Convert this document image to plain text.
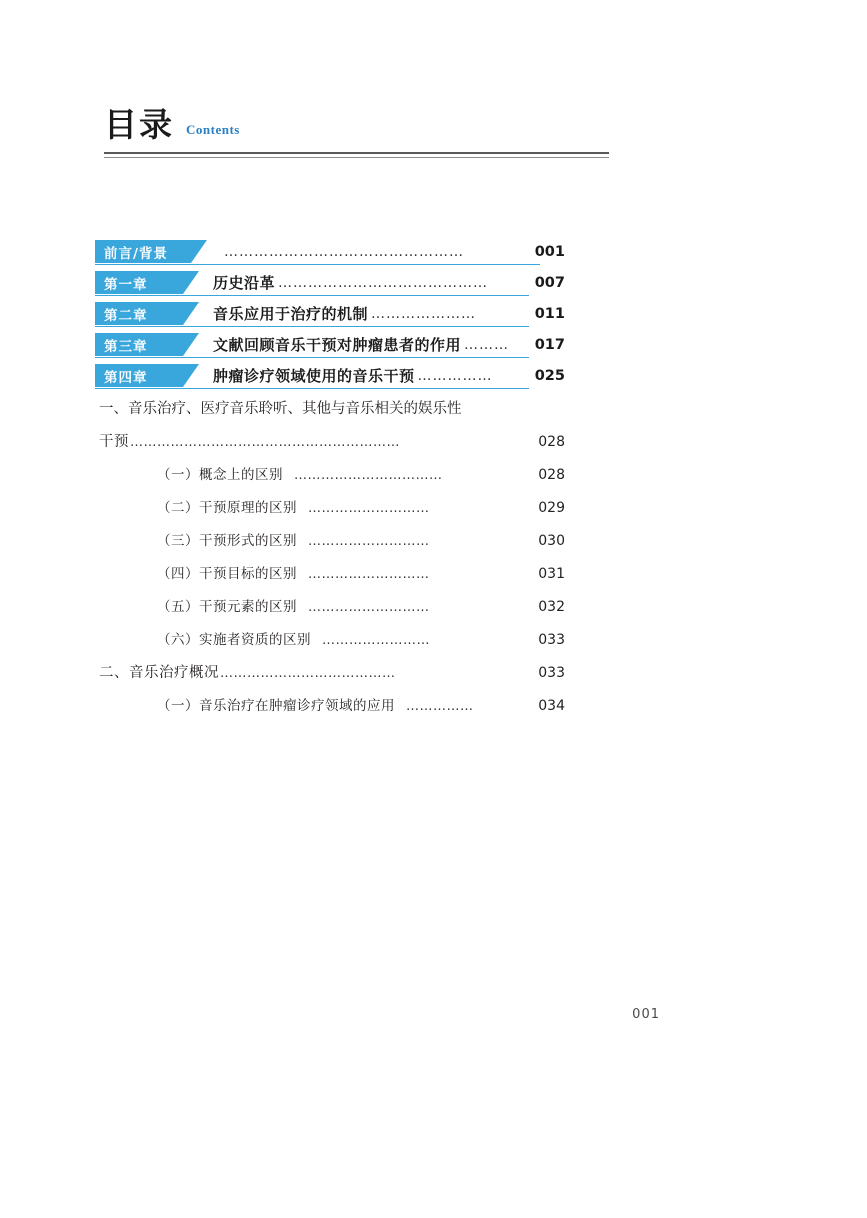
目录 Contents
前言/背景	…………………………………………	001
第一章	历史沿革 ……………………………………	007
第二章	音乐应用于治疗的机制 …………………	011
第三章	文献回顾音乐干预对肿瘤患者的作用 ………	017
第四章	肿瘤诊疗领域使用的音乐干预 ……………	025
一、音乐治疗、医疗音乐聆听、其他与音乐相关的娱乐性
干预 ……………………………………………………	028
（一）概念上的区别 ……………………………	028
（二）干预原理的区别 ………………………	029
（三）干预形式的区别 ………………………	030
（四）干预目标的区别 ………………………	031
（五）干预元素的区别 ………………………	032
（六）实施者资质的区别 ……………………	033
二、音乐治疗概况 …………………………………	033
（一）音乐治疗在肿瘤诊疗领域的应用 ……………	034
001
